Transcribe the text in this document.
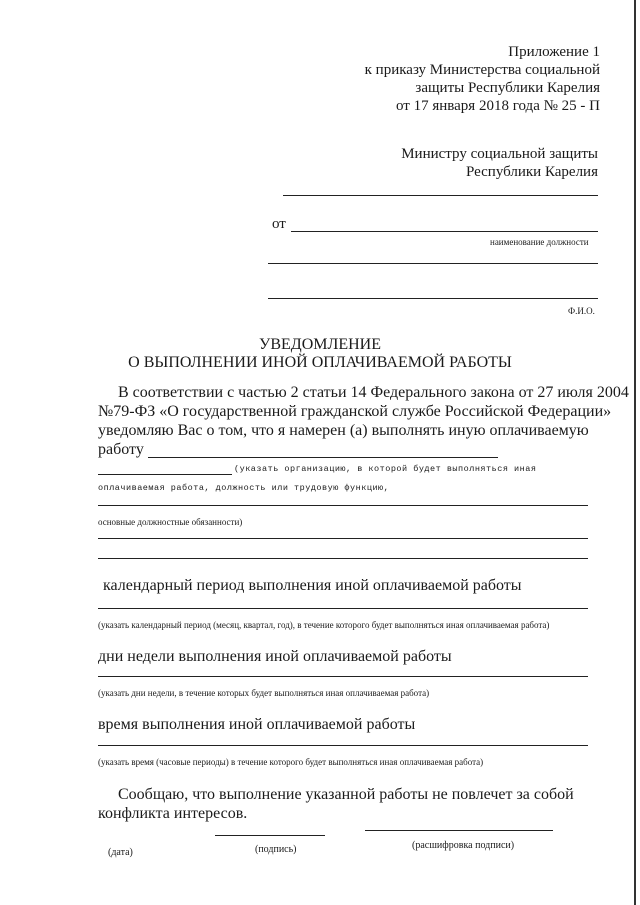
Приложение 1
к приказу Министерства социальной
защиты Республики Карелия
от 17 января 2018 года № 25 - П
Министру социальной защиты
Республики Карелия
от
наименование должности
Ф.И.О.
УВЕДОМЛЕНИЕ
О ВЫПОЛНЕНИИ ИНОЙ ОПЛАЧИВАЕМОЙ РАБОТЫ
В соответствии с частью 2 статьи 14 Федерального закона от 27 июля 2004
№79-ФЗ «О государственной гражданской службе Российской Федерации»
уведомляю Вас о том, что я намерен (а) выполнять иную оплачиваемую
работу
(указать организацию, в которой будет выполняться иная
оплачиваемая работа, должность или трудовую функцию,
основные должностные обязанности)
календарный период выполнения иной оплачиваемой работы
(указать календарный период (месяц, квартал, год), в течение которого будет выполняться иная оплачиваемая работа)
дни недели выполнения иной оплачиваемой работы
(указать дни недели, в течение которых будет выполняться иная оплачиваемая работа)
время выполнения иной оплачиваемой работы
(указать время (часовые периоды) в течение которого будет выполняться иная оплачиваемая работа)
Сообщаю, что выполнение указанной работы не повлечет за собой
конфликта интересов.
(дата)	(подпись)	(расшифровка подписи)
